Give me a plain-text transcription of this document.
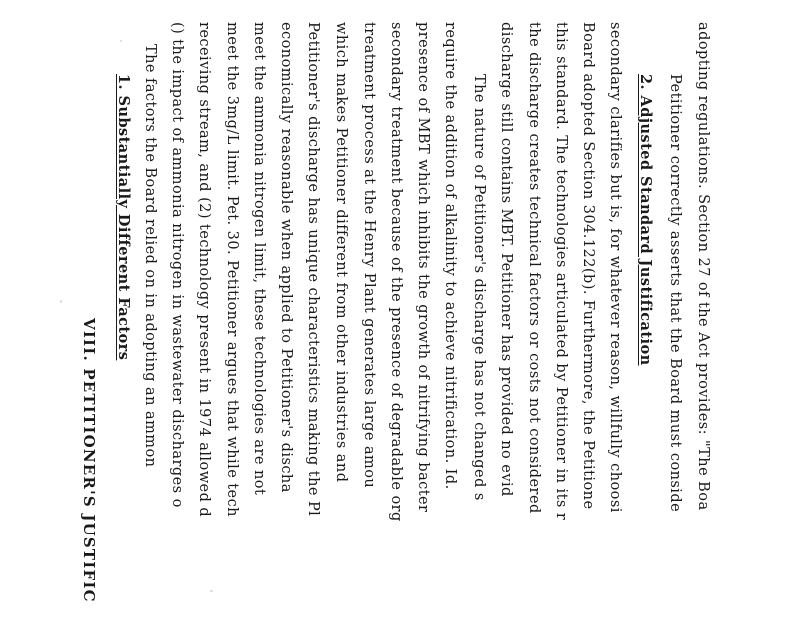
VIII. PETITIONER'S JUSTIFIC
1. Substantially Different Factors The factors the Board relied on in adopting an ammon () the impact of ammonia nitrogen in wastewater discharges o receiving stream, and (2) technology present in 1974 allowed d meet the 3mg/L limit. Pet. 30. Petitioner argues that while tech meet the ammonia nitrogen limit, these technologies are not economically reasonable when applied to Petitioner's discha Petitioner's discharge has unique characteristics making the Pl which makes Petitioner different from other industries and treatment process at the Henry Plant generates large amou secondary treatment because of the presence of degradable org presence of MBT which inhibits the growth of nitrifying bacter require the addition of alkalinity to achieve nitrification. Id. The nature of Petitioner's discharge has not changed s discharge still contains MBT. Petitioner has provided no evid the discharge creates technical factors or costs not considered this standard. The technologies articulated by Petitioner in its r Board adopted Section 304.122(b). Furthermore, the Petitione secondary clarifies but is, for whatever reason, willfully choosi 2. Adjusted Standard Justification Petitioner correctly asserts that the Board must conside adopting regulations. Section 27 of the Act provides: "The Boa
